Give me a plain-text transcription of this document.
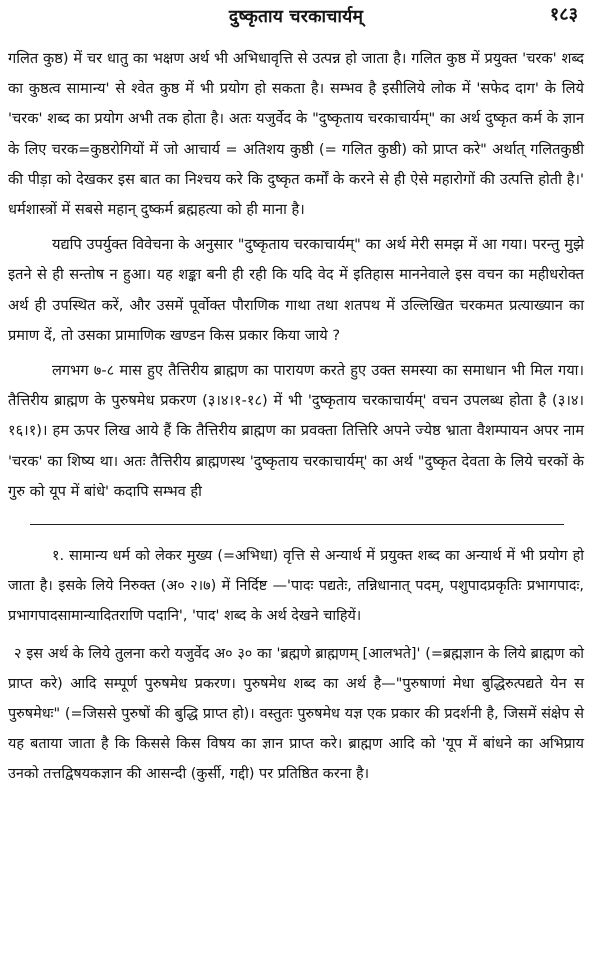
दुष्कृताय चरकाचार्यम्	१८३

गलित कुष्ठ) में चर धातु का भक्षण अर्थ भी अभिधावृत्ति से उत्पन्न हो जाता है। गलित कुष्ठ में प्रयुक्त 'चरक' शब्द का कुष्ठत्व सामान्य' से श्वेत कुष्ठ में भी प्रयोग हो सकता है। सम्भव है इसीलिये लोक में 'सफेद दाग' के लिये 'चरक' शब्द का प्रयोग अभी तक होता है। अतः यजुर्वेद के "दुष्कृताय चरकाचार्यम्" का अर्थ दुष्कृत कर्म के ज्ञान के लिए चरक=कुष्ठरोगियों में जो आचार्य = अतिशय कुष्ठी (= गलित कुष्ठी) को प्राप्त करे" अर्थात् गलितकुष्ठी की पीड़ा को देखकर इस बात का निश्चय करे कि दुष्कृत कर्मों के करने से ही ऐसे महारोगों की उत्पत्ति होती है।' धर्मशास्त्रों में सबसे महान् दुष्कर्म ब्रह्महत्या को ही माना है।

यद्यपि उपर्युक्त विवेचना के अनुसार "दुष्कृताय चरकाचार्यम्" का अर्थ मेरी समझ में आ गया। परन्तु मुझे इतने से ही सन्तोष न हुआ। यह शङ्का बनी ही रही कि यदि वेद में इतिहास माननेवाले इस वचन का महीधरोक्त अर्थ ही उपस्थित करें, और उसमें पूर्वोक्त पौराणिक गाथा तथा शतपथ में उल्लिखित चरकमत प्रत्याख्यान का प्रमाण दें, तो उसका प्रामाणिक खण्डन किस प्रकार किया जाये ?

लगभग ७-८ मास हुए तैत्तिरीय ब्राह्मण का पारायण करते हुए उक्त समस्या का समाधान भी मिल गया। तैत्तिरीय ब्राह्मण के पुरुषमेध प्रकरण (३।४।१-१८) में भी 'दुष्कृताय चरकाचार्यम्' वचन उपलब्ध होता है (३।४।१६।१)। हम ऊपर लिख आये हैं कि तैत्तिरीय ब्राह्मण का प्रवक्ता तित्तिरि अपने ज्येष्ठ भ्राता वैशम्पायन अपर नाम 'चरक' का शिष्य था। अतः तैत्तिरीय ब्राह्मणस्थ 'दुष्कृताय चरकाचार्यम्' का अर्थ "दुष्कृत देवता के लिये चरकों के गुरु को यूप में बांधे' कदापि सम्भव ही

१. सामान्य धर्म को लेकर मुख्य (=अभिधा) वृत्ति से अन्यार्थ में प्रयुक्त शब्द का अन्यार्थ में भी प्रयोग हो जाता है। इसके लिये निरुक्त (अ० २।७) में निर्दिष्ट —'पादः पद्यतेः, तन्निधानात् पदम्, पशुपादप्रकृतिः प्रभागपादः, प्रभागपादसामान्यादितराणि पदानि', 'पाद' शब्द के अर्थ देखने चाहियें।

२ इस अर्थ के लिये तुलना करो यजुर्वेद अ० ३० का 'ब्रह्मणे ब्राह्मणम् [आलभते]' (=ब्रह्मज्ञान के लिये ब्राह्मण को प्राप्त करे) आदि सम्पूर्ण पुरुषमेध प्रकरण। पुरुषमेध शब्द का अर्थ है—"पुरुषाणां मेधा बुद्धिरुत्पद्यते येन स पुरुषमेधः" (=जिससे पुरुषों की बुद्धि प्राप्त हो)। वस्तुतः पुरुषमेध यज्ञ एक प्रकार की प्रदर्शनी है, जिसमें संक्षेप से यह बताया जाता है कि किससे किस विषय का ज्ञान प्राप्त करे। ब्राह्मण आदि को 'यूप में बांधने का अभिप्राय उनको तत्तद्विषयकज्ञान की आसन्दी (कुर्सी, गद्दी) पर प्रतिष्ठित करना है।
